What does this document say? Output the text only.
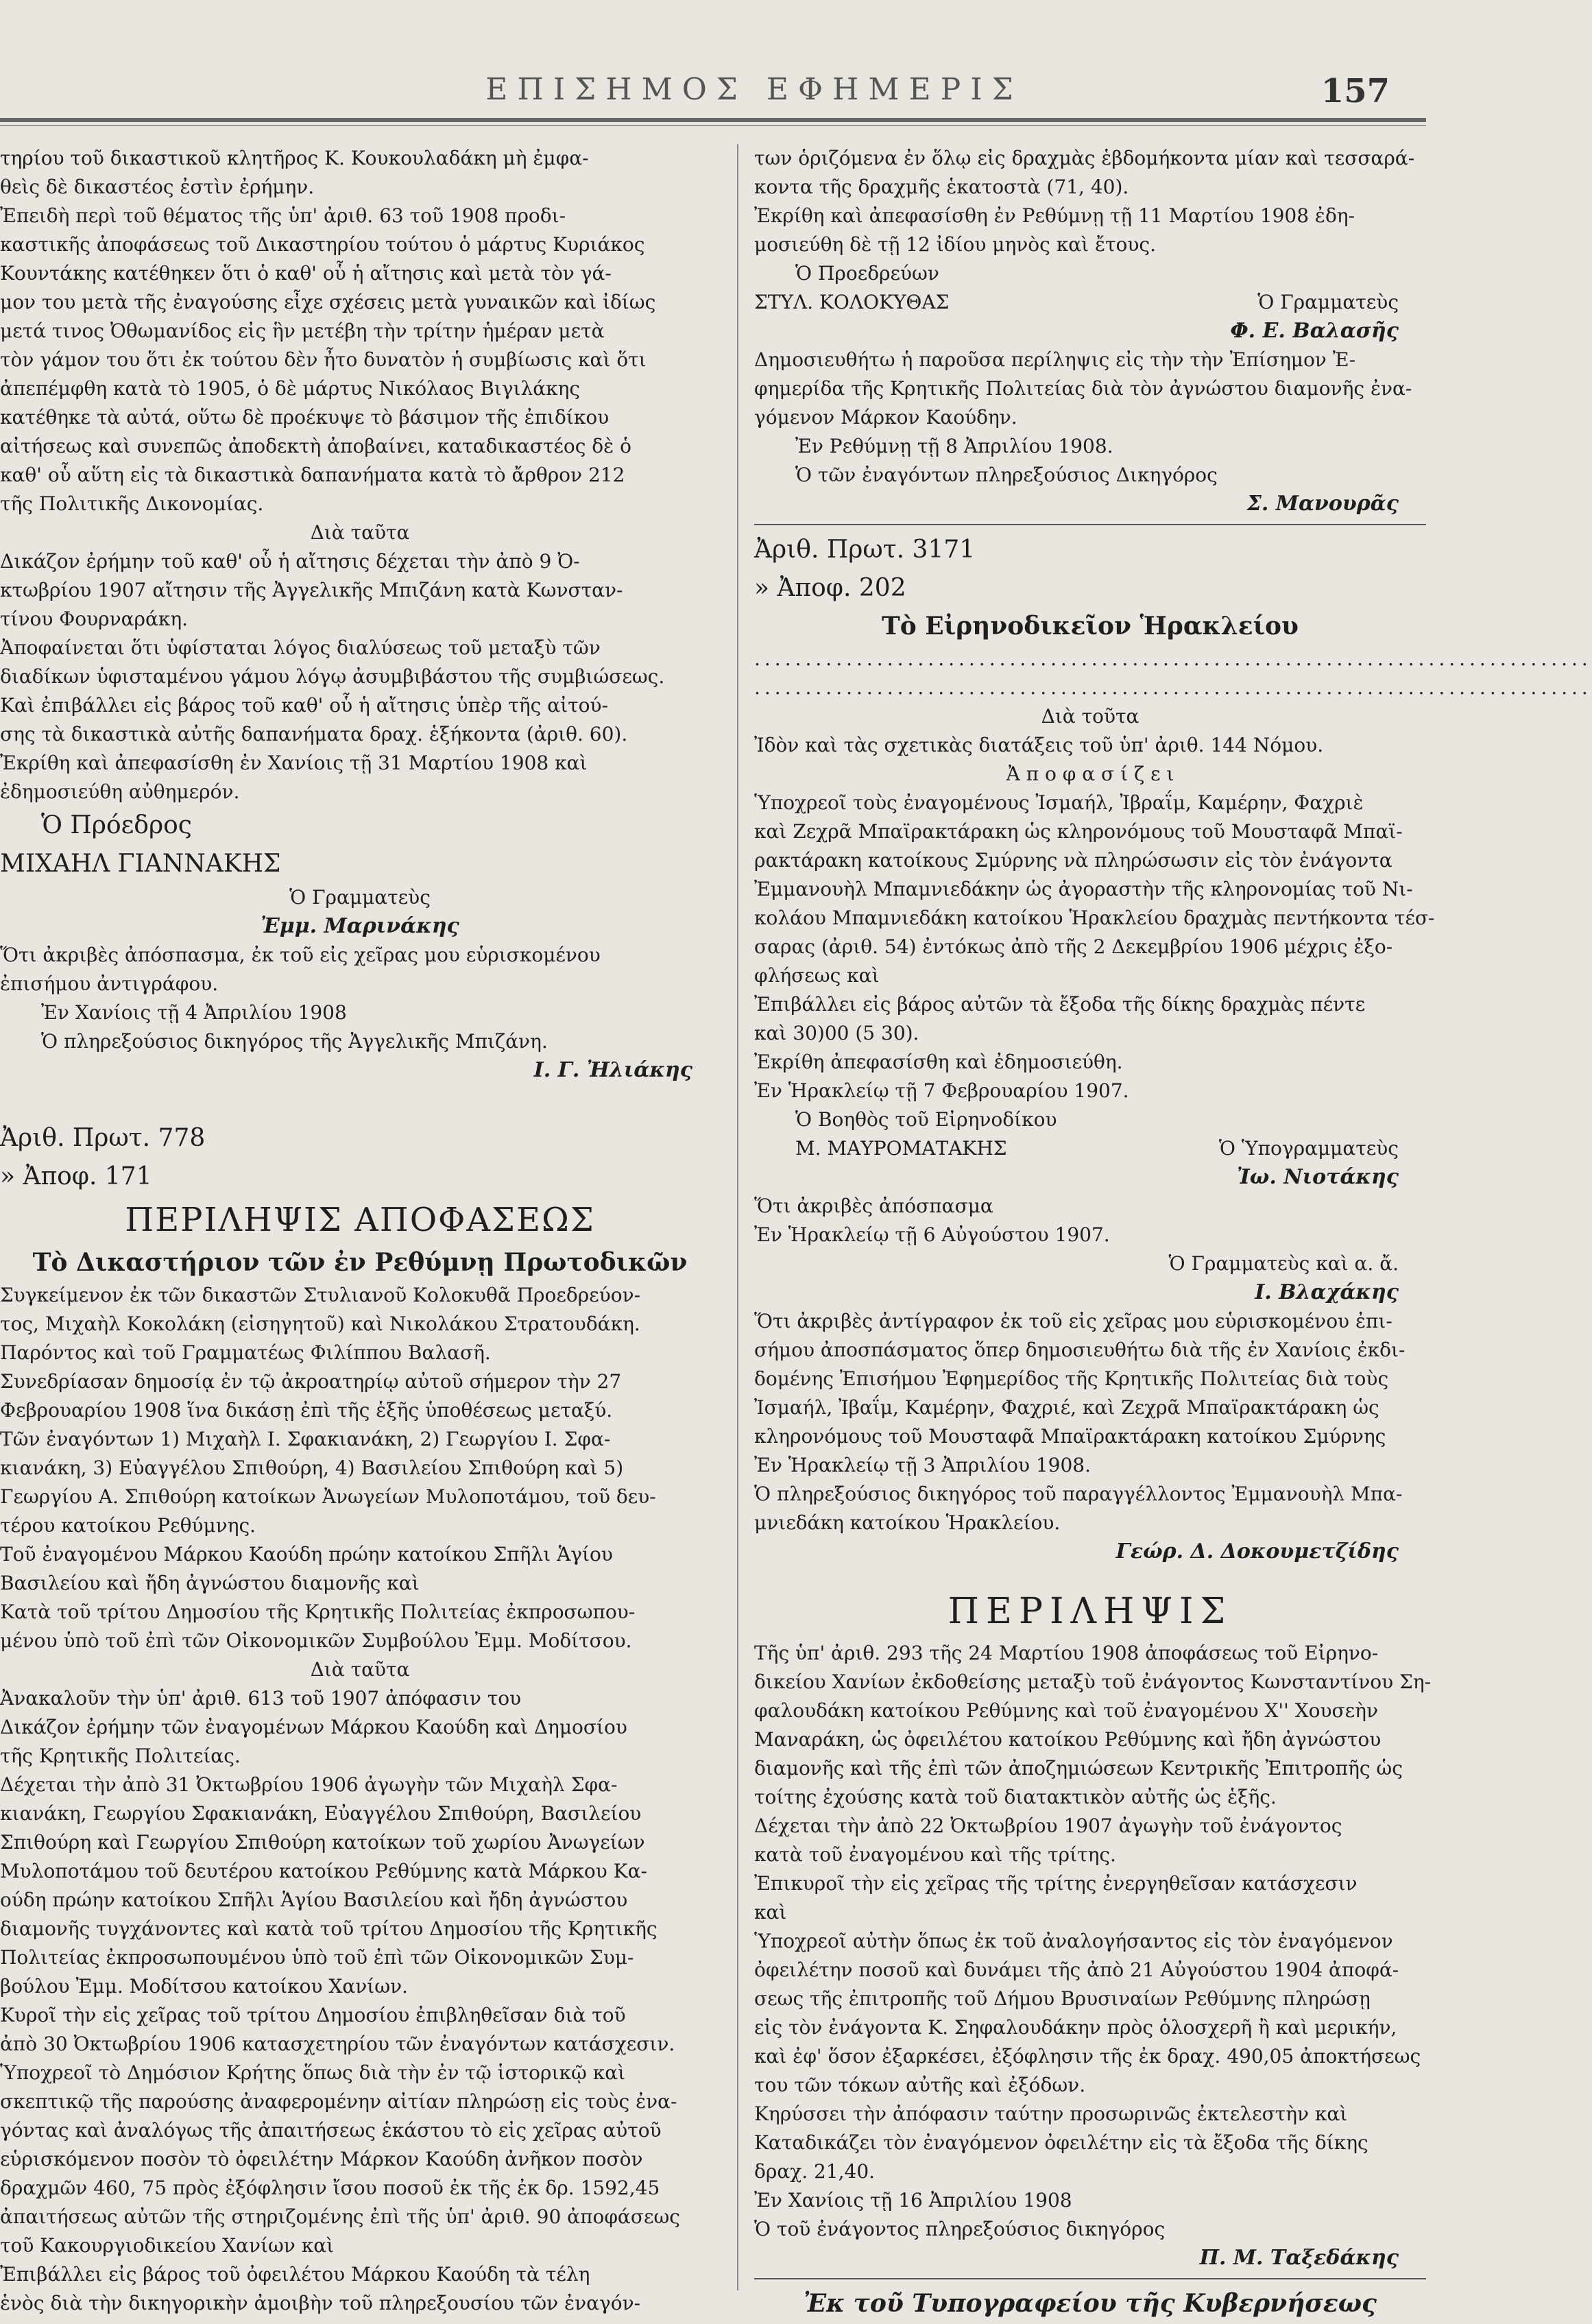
ΕΠΙΣΗΜΟΣ ΕΦΗΜΕΡΙΣ	157
τηρίου τοῦ δικαστικοῦ κλητῆρος Κ. Κουκουλαδάκη μὴ ἐμφα-
θεὶς δὲ δικαστέος ἐστὶν ἐρήμην.
Ἐπειδὴ περὶ τοῦ θέματος τῆς ὑπ' ἀριθ. 63 τοῦ 1908 προδι-
καστικῆς ἀποφάσεως τοῦ Δικαστηρίου τούτου ὁ μάρτυς Κυριάκος
Κουντάκης κατέθηκεν ὅτι ὁ καθ' οὗ ἡ αἴτησις καὶ μετὰ τὸν γά-
μον του μετὰ τῆς ἐναγούσης εἶχε σχέσεις μετὰ γυναικῶν καὶ ἰδίως
μετά τινος Ὀθωμανίδος εἰς ἣν μετέβη τὴν τρίτην ἡμέραν μετὰ
τὸν γάμον του ὅτι ἐκ τούτου δὲν ἦτο δυνατὸν ἡ συμβίωσις καὶ ὅτι
ἀπεπέμφθη κατὰ τὸ 1905, ὁ δὲ μάρτυς Νικόλαος Βιγιλάκης
κατέθηκε τὰ αὐτά, οὕτω δὲ προέκυψε τὸ βάσιμον τῆς ἐπιδίκου
αἰτήσεως καὶ συνεπῶς ἀποδεκτὴ ἀποβαίνει, καταδικαστέος δὲ ὁ
καθ' οὗ αὕτη εἰς τὰ δικαστικὰ δαπανήματα κατὰ τὸ ἄρθρον 212
τῆς Πολιτικῆς Δικονομίας.
Διὰ ταῦτα
Δικάζον ἐρήμην τοῦ καθ' οὗ ἡ αἴτησις δέχεται τὴν ἀπὸ 9 Ὀ-
κτωβρίου 1907 αἴτησιν τῆς Ἀγγελικῆς Μπιζάνη κατὰ Κωνσταν-
τίνου Φουρναράκη.
Ἀποφαίνεται ὅτι ὑφίσταται λόγος διαλύσεως τοῦ μεταξὺ τῶν
διαδίκων ὑφισταμένου γάμου λόγῳ ἀσυμβιβάστου τῆς συμβιώσεως.
Καὶ ἐπιβάλλει εἰς βάρος τοῦ καθ' οὗ ἡ αἴτησις ὑπὲρ τῆς αἰτού-
σης τὰ δικαστικὰ αὐτῆς δαπανήματα δραχ. ἑξήκοντα (ἀριθ. 60).
Ἐκρίθη καὶ ἀπεφασίσθη ἐν Χανίοις τῇ 31 Μαρτίου 1908 καὶ
ἐδημοσιεύθη αὐθημερόν.
Ὁ Πρόεδρος
ΜΙΧΑΗΛ ΓΙΑΝΝΑΚΗΣ
Ὁ Γραμματεὺς
Ἐμμ. Μαρινάκης
Ὅτι ἀκριβὲς ἀπόσπασμα, ἐκ τοῦ εἰς χεῖρας μου εὑρισκομένου
ἐπισήμου ἀντιγράφου.
Ἐν Χανίοις τῇ 4 Ἀπριλίου 1908
Ὁ πληρεξούσιος δικηγόρος τῆς Ἀγγελικῆς Μπιζάνη.
Ι. Γ. Ἠλιάκης
Ἀριθ. Πρωτ. 778
» Ἀποφ. 171
ΠΕΡΙΛΗΨΙΣ ΑΠΟΦΑΣΕΩΣ
Τὸ Δικαστήριον τῶν ἐν Ρεθύμνῃ Πρωτοδικῶν
Συγκείμενον ἐκ τῶν δικαστῶν Στυλιανοῦ Κολοκυθᾶ Προεδρεύον-
τος, Μιχαὴλ Κοκολάκη (εἰσηγητοῦ) καὶ Νικολάκου Στρατουδάκη.
Παρόντος καὶ τοῦ Γραμματέως Φιλίππου Βαλασῆ.
Συνεδρίασαν δημοσίᾳ ἐν τῷ ἀκροατηρίῳ αὐτοῦ σήμερον τὴν 27
Φεβρουαρίου 1908 ἵνα δικάσῃ ἐπὶ τῆς ἑξῆς ὑποθέσεως μεταξύ.
Τῶν ἐναγόντων 1) Μιχαὴλ Ι. Σφακιανάκη, 2) Γεωργίου Ι. Σφα-
κιανάκη, 3) Εὐαγγέλου Σπιθούρη, 4) Βασιλείου Σπιθούρη καὶ 5)
Γεωργίου Α. Σπιθούρη κατοίκων Ἀνωγείων Μυλοποτάμου, τοῦ δευ-
τέρου κατοίκου Ρεθύμνης.
Τοῦ ἐναγομένου Μάρκου Καούδη πρώην κατοίκου Σπῆλι Ἁγίου
Βασιλείου καὶ ἤδη ἀγνώστου διαμονῆς καὶ
Κατὰ τοῦ τρίτου Δημοσίου τῆς Κρητικῆς Πολιτείας ἐκπροσωπου-
μένου ὑπὸ τοῦ ἐπὶ τῶν Οἰκονομικῶν Συμβούλου Ἐμμ. Μοδίτσου.
Διὰ ταῦτα
Ἀνακαλοῦν τὴν ὑπ' ἀριθ. 613 τοῦ 1907 ἀπόφασιν του
Δικάζον ἐρήμην τῶν ἐναγομένων Μάρκου Καούδη καὶ Δημοσίου
τῆς Κρητικῆς Πολιτείας.
Δέχεται τὴν ἀπὸ 31 Ὀκτωβρίου 1906 ἀγωγὴν τῶν Μιχαὴλ Σφα-
κιανάκη, Γεωργίου Σφακιανάκη, Εὐαγγέλου Σπιθούρη, Βασιλείου
Σπιθούρη καὶ Γεωργίου Σπιθούρη κατοίκων τοῦ χωρίου Ἀνωγείων
Μυλοποτάμου τοῦ δευτέρου κατοίκου Ρεθύμνης κατὰ Μάρκου Κα-
ούδη πρώην κατοίκου Σπῆλι Ἁγίου Βασιλείου καὶ ἤδη ἀγνώστου
διαμονῆς τυγχάνοντες καὶ κατὰ τοῦ τρίτου Δημοσίου τῆς Κρητικῆς
Πολιτείας ἐκπροσωπουμένου ὑπὸ τοῦ ἐπὶ τῶν Οἰκονομικῶν Συμ-
βούλου Ἐμμ. Μοδίτσου κατοίκου Χανίων.
Κυροῖ τὴν εἰς χεῖρας τοῦ τρίτου Δημοσίου ἐπιβληθεῖσαν διὰ τοῦ
ἀπὸ 30 Ὀκτωβρίου 1906 κατασχετηρίου τῶν ἐναγόντων κατάσχεσιν.
Ὑποχρεοῖ τὸ Δημόσιον Κρήτης ὅπως διὰ τὴν ἐν τῷ ἱστορικῷ καὶ
σκεπτικῷ τῆς παρούσης ἀναφερομένην αἰτίαν πληρώσῃ εἰς τοὺς ἐνα-
γόντας καὶ ἀναλόγως τῆς ἀπαιτήσεως ἑκάστου τὸ εἰς χεῖρας αὐτοῦ
εὑρισκόμενον ποσὸν τὸ ὀφειλέτην Μάρκον Καούδη ἀνῆκον ποσὸν
δραχμῶν 460, 75 πρὸς ἐξόφλησιν ἴσου ποσοῦ ἐκ τῆς ἐκ δρ. 1592,45
ἀπαιτήσεως αὐτῶν τῆς στηριζομένης ἐπὶ τῆς ὑπ' ἀριθ. 90 ἀποφάσεως
τοῦ Κακουργιοδικείου Χανίων καὶ
Ἐπιβάλλει εἰς βάρος τοῦ ὀφειλέτου Μάρκου Καούδη τὰ τέλη
ἑνὸς διὰ τὴν δικηγορικὴν ἀμοιβὴν τοῦ πληρεξουσίου τῶν ἐναγόν-
των ὁριζόμενα ἐν ὅλῳ εἰς δραχμὰς ἑβδομήκοντα μίαν καὶ τεσσαρά-
κοντα τῆς δραχμῆς ἑκατοστὰ (71, 40).
Ἐκρίθη καὶ ἀπεφασίσθη ἐν Ρεθύμνῃ τῇ 11 Μαρτίου 1908 ἐδη-
μοσιεύθη δὲ τῇ 12 ἰδίου μηνὸς καὶ ἔτους.
Ὁ Προεδρεύων
ΣΤΥΛ. ΚΟΛΟΚΥΘΑΣ	Ὁ Γραμματεὺς
Φ. Ε. Βαλασῆς
Δημοσιευθήτω ἡ παροῦσα περίληψις εἰς τὴν τὴν Ἐπίσημον Ἐ-
φημερίδα τῆς Κρητικῆς Πολιτείας διὰ τὸν ἀγνώστου διαμονῆς ἐνα-
γόμενον Μάρκον Καούδην.
Ἐν Ρεθύμνῃ τῇ 8 Ἀπριλίου 1908.
Ὁ τῶν ἐναγόντων πληρεξούσιος Δικηγόρος
Σ. Μανουρᾶς
Ἀριθ. Πρωτ. 3171
» Ἀποφ. 202
Τὸ Εἰρηνοδικεῖον Ἡρακλείου
..................................................................................
..................................................................................
Διὰ τοῦτα
Ἰδὸν καὶ τὰς σχετικὰς διατάξεις τοῦ ὑπ' ἀριθ. 144 Νόμου.
Ἀ π ο φ α σ ί ζ ε ι
Ὑποχρεοῖ τοὺς ἐναγομένους Ἰσμαήλ, Ἰβραΐμ, Καμέρην, Φαχριὲ
καὶ Ζεχρᾶ Μπαϊρακτάρακη ὡς κληρονόμους τοῦ Μουσταφᾶ Μπαϊ-
ρακτάρακη κατοίκους Σμύρνης νὰ πληρώσωσιν εἰς τὸν ἐνάγοντα
Ἐμμανουὴλ Μπαμνιεδάκην ὡς ἀγοραστὴν τῆς κληρονομίας τοῦ Νι-
κολάου Μπαμνιεδάκη κατοίκου Ἡρακλείου δραχμὰς πεντήκοντα τέσ-
σαρας (ἀριθ. 54) ἐντόκως ἀπὸ τῆς 2 Δεκεμβρίου 1906 μέχρις ἐξο-
φλήσεως καὶ
Ἐπιβάλλει εἰς βάρος αὐτῶν τὰ ἔξοδα τῆς δίκης δραχμὰς πέντε
καὶ 30)00 (5 30).
Ἐκρίθη ἀπεφασίσθη καὶ ἐδημοσιεύθη.
Ἐν Ἡρακλείῳ τῇ 7 Φεβρουαρίου 1907.
Ὁ Βοηθὸς τοῦ Εἰρηνοδίκου
Μ. ΜΑΥΡΟΜΑΤΑΚΗΣ	Ὁ Ὑπογραμματεὺς
Ἰω. Νιοτάκης
Ὅτι ἀκριβὲς ἀπόσπασμα
Ἐν Ἡρακλείῳ τῇ 6 Αὐγούστου 1907.
Ὁ Γραμματεὺς καὶ α. ἄ.
Ι. Βλαχάκης
Ὅτι ἀκριβὲς ἀντίγραφον ἐκ τοῦ εἰς χεῖρας μου εὑρισκομένου ἐπι-
σήμου ἀποσπάσματος ὅπερ δημοσιευθήτω διὰ τῆς ἐν Χανίοις ἐκδι-
δομένης Ἐπισήμου Ἐφημερίδος τῆς Κρητικῆς Πολιτείας διὰ τοὺς
Ἰσμαήλ, Ἰβαΐμ, Καμέρην, Φαχριέ, καὶ Ζεχρᾶ Μπαϊρακτάρακη ὡς
κληρονόμους τοῦ Μουσταφᾶ Μπαϊρακτάρακη κατοίκου Σμύρνης
Ἐν Ἡρακλείῳ τῇ 3 Ἀπριλίου 1908.
Ὁ πληρεξούσιος δικηγόρος τοῦ παραγγέλλοντος Ἐμμανουὴλ Μπα-
μνιεδάκη κατοίκου Ἡρακλείου.
Γεώρ. Δ. Δοκουμετζίδης
ΠΕΡΙΛΗΨΙΣ
Τῆς ὑπ' ἀριθ. 293 τῆς 24 Μαρτίου 1908 ἀποφάσεως τοῦ Εἰρηνο-
δικείου Χανίων ἐκδοθείσης μεταξὺ τοῦ ἐνάγοντος Κωνσταντίνου Ση-
φαλουδάκη κατοίκου Ρεθύμνης καὶ τοῦ ἐναγομένου Χ'' Χουσεὴν
Μαναράκη, ὡς ὀφειλέτου κατοίκου Ρεθύμνης καὶ ἤδη ἀγνώστου
διαμονῆς καὶ τῆς ἐπὶ τῶν ἀποζημιώσεων Κεντρικῆς Ἐπιτροπῆς ὡς
τοίτης ἐχούσης κατὰ τοῦ διατακτικὸν αὐτῆς ὡς ἑξῆς.
Δέχεται τὴν ἀπὸ 22 Ὀκτωβρίου 1907 ἀγωγὴν τοῦ ἐνάγοντος
κατὰ τοῦ ἐναγομένου καὶ τῆς τρίτης.
Ἐπικυροῖ τὴν εἰς χεῖρας τῆς τρίτης ἐνεργηθεῖσαν κατάσχεσιν
καὶ
Ὑποχρεοῖ αὐτὴν ὅπως ἐκ τοῦ ἀναλογήσαντος εἰς τὸν ἐναγόμενον
ὀφειλέτην ποσοῦ καὶ δυνάμει τῆς ἀπὸ 21 Αὐγούστου 1904 ἀποφά-
σεως τῆς ἐπιτροπῆς τοῦ Δήμου Βρυσιναίων Ρεθύμνης πληρώσῃ
εἰς τὸν ἐνάγοντα Κ. Σηφαλουδάκην πρὸς ὁλοσχερῆ ἢ καὶ μερικήν,
καὶ ἐφ' ὅσον ἐξαρκέσει, ἐξόφλησιν τῆς ἐκ δραχ. 490,05 ἀποκτήσεως
του τῶν τόκων αὐτῆς καὶ ἐξόδων.
Κηρύσσει τὴν ἀπόφασιν ταύτην προσωρινῶς ἐκτελεστὴν καὶ
Καταδικάζει τὸν ἐναγόμενον ὀφειλέτην εἰς τὰ ἔξοδα τῆς δίκης
δραχ. 21,40.
Ἐν Χανίοις τῇ 16 Ἀπριλίου 1908
Ὁ τοῦ ἐνάγοντος πληρεξούσιος δικηγόρος
Π. Μ. Ταξεδάκης
Ἐκ τοῦ Τυπογραφείου τῆς Κυβερνήσεως
